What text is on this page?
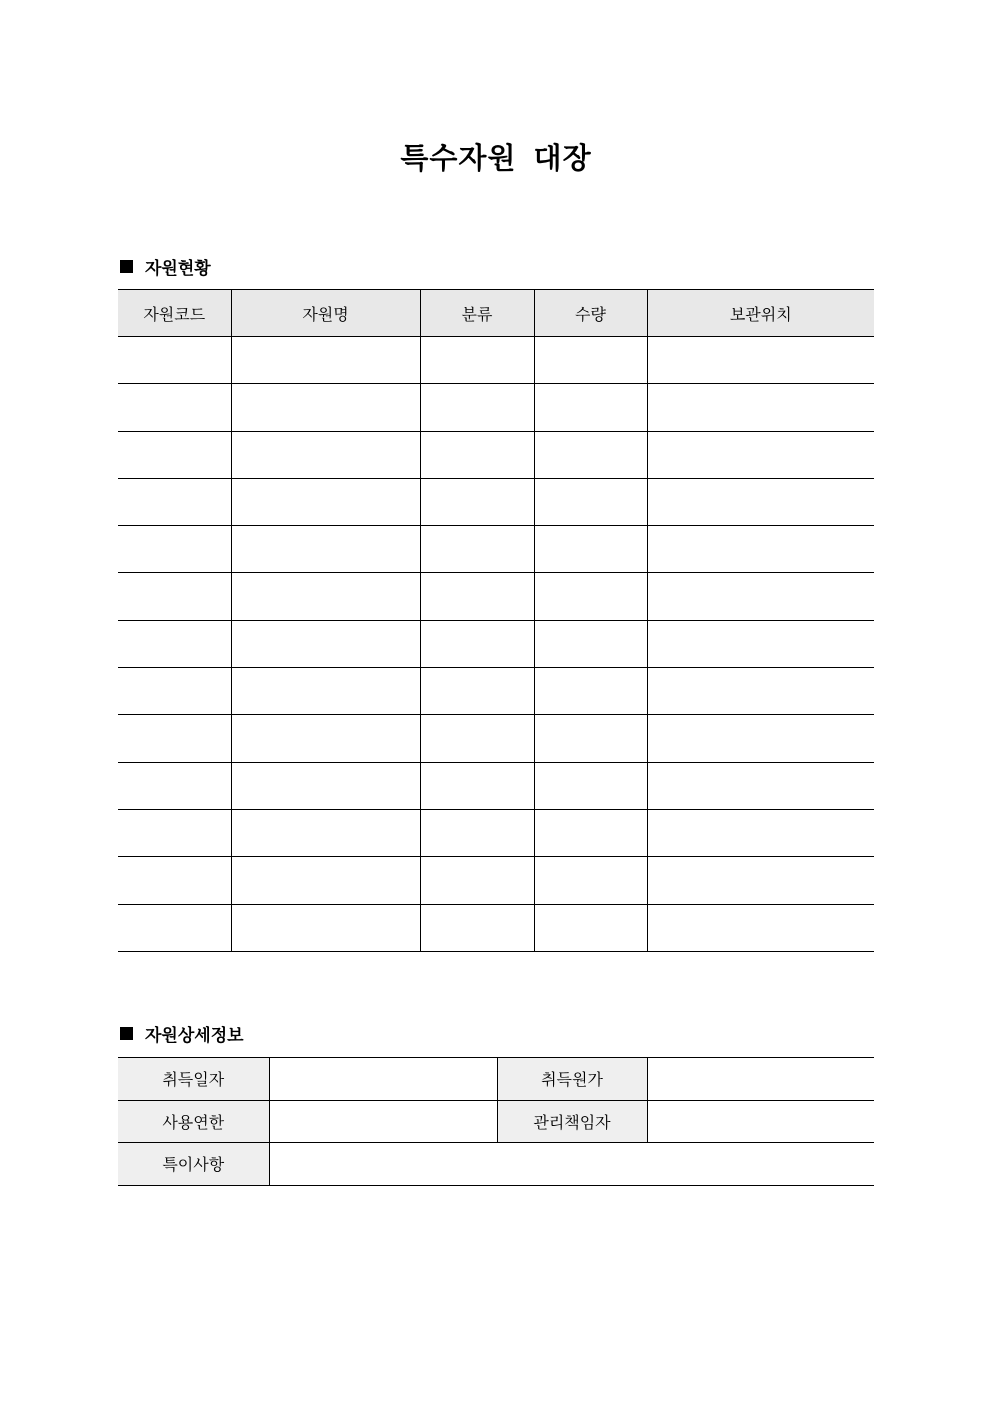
특수자원 대장
자원현황
자원코드	자원명	분류	수량	보관위치

자원상세정보
취득일자		취득원가	
사용연한		관리책임자	
특이사항			
